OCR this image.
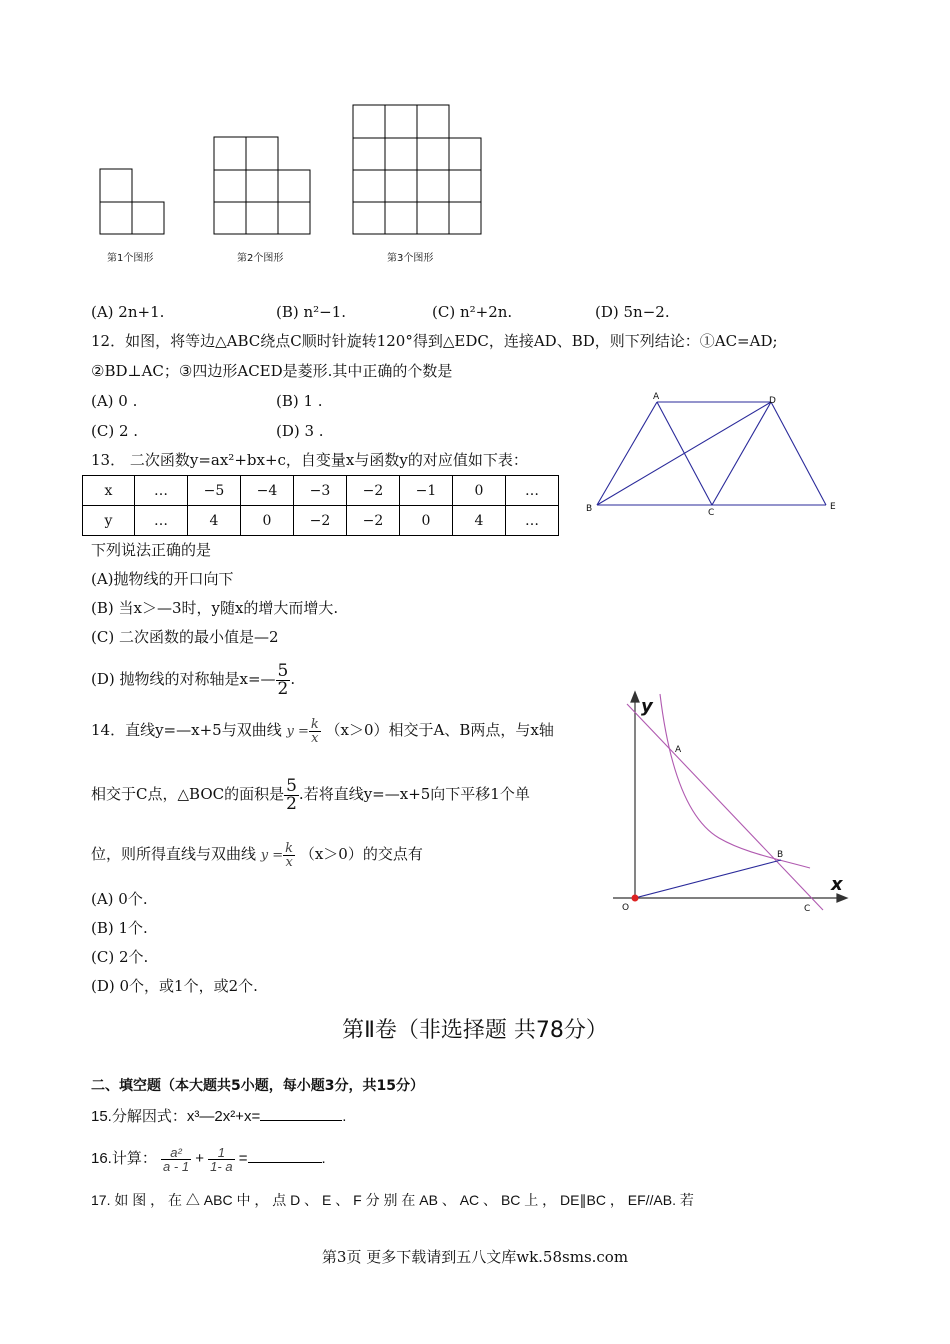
第1个图形	第2个图形	第3个图形
(A) 2n+1.	(B) n²−1.	(C) n²+2n.	(D) 5n−2.
12．如图，将等边△ABC绕点C顺时针旋转120°得到△EDC，连接AD、BD，则下列结论：①AC=AD;
②BD⊥AC；③四边形ACED是菱形.其中正确的个数是
(A) 0 .	(B) 1 .
(C) 2 .	(D) 3 .
A	D
B	C
E
13． 二次函数y=ax²+bx+c，自变量x与函数y的对应值如下表：
x	…	−5	−4	−3	−2	−1	0	…
y	…	4	0	−2	−2	0	4	…
下列说法正确的是
(A)抛物线的开口向下
(B) 当x＞—3时，y随x的增大而增大.
(C) 二次函数的最小值是—2
(D) 抛物线的对称轴是x=— $\frac{5}{2}$ .
14．直线y=—x+5与双曲线 $y = \frac{k}{x} (x>0)$相交于A、B两点，与x轴
相交于C点，△BOC的面积是 $\frac{5}{2}$ .若将直线y=—x+5向下平移1个单
位，则所得直线与双曲线 $y = \frac{k}{x} (x>0)$的交点有
(A) 0个.
(B) 1个.
(C) 2个.
(D) 0个，或1个，或2个.
y
x
A
B
O	C
第Ⅱ卷（非选择题 共78分）
二、填空题（本大题共5小题，每小题3分，共15分）
15.分解因式：x³—2x²+x=	.
16.计算： $\frac{\text{a²}}{a - 1} + \frac{1}{1- a}$ =	.
17. 如 图 ， 在 △ ABC 中 ， 点 D 、 E 、 F 分 别 在 AB 、 AC 、 BC 上 ， DE∥BC ， EF//AB. 若
第3页 更多下载请到五八文库wk.58sms.com
